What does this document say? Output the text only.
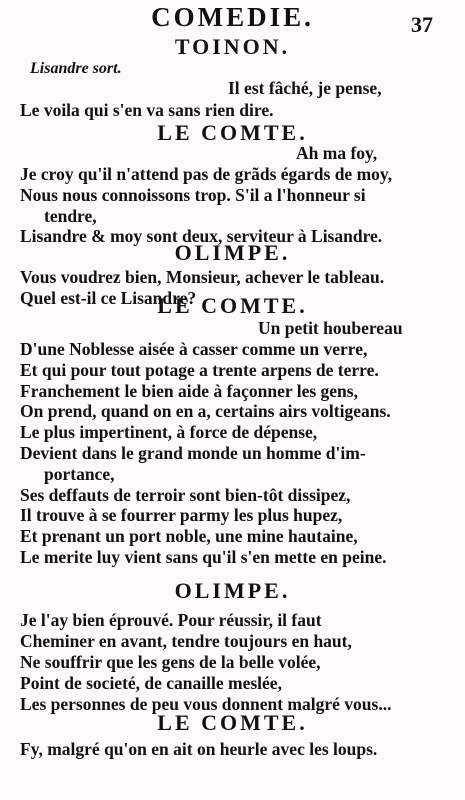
COMEDIE.	37
TOINON.
Lisandre sort.
Il est fâché, je pense,
Le voila qui s'en va sans rien dire.
LE COMTE.
Ah ma foy,
Je croy qu'il n'attend pas de grãds égards de moy,
Nous nous connoissons trop. S'il a l'honneur si
tendre,
Lisandre & moy sont deux, serviteur à Lisandre.
OLIMPE.
Vous voudrez bien, Monsieur, achever le tableau.
Quel est-il ce Lisandre?
LE COMTE.
Un petit houbereau
D'une Noblesse aisée à casser comme un verre,
Et qui pour tout potage a trente arpens de terre.
Franchement le bien aide à façonner les gens,
On prend, quand on en a, certains airs voltigeans.
Le plus impertinent, à force de dépense,
Devient dans le grand monde un homme d'im-
portance,
Ses deffauts de terroir sont bien-tôt dissipez,
Il trouve à se fourrer parmy les plus hupez,
Et prenant un port noble, une mine hautaine,
Le merite luy vient sans qu'il s'en mette en peine.
OLIMPE.
Je l'ay bien éprouvé. Pour réussir, il faut
Cheminer en avant, tendre toujours en haut,
Ne souffrir que les gens de la belle volée,
Point de societé, de canaille meslée,
Les personnes de peu vous donnent malgré vous...
LE COMTE.
Fy, malgré qu'on en ait on heurle avec les loups.
